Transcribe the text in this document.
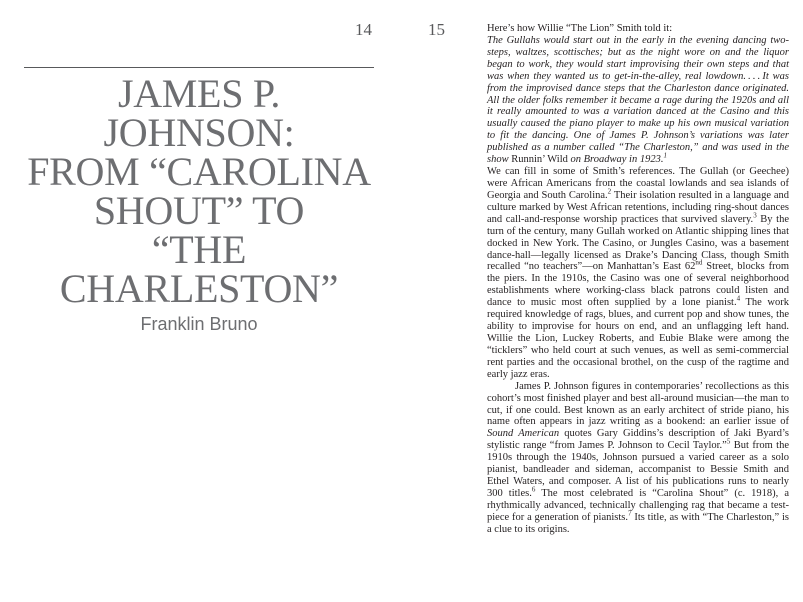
14
JAMES P.
JOHNSON:
FROM “CAROLINA
SHOUT” TO
“THE
CHARLESTON”
Franklin Bruno
15	Here’s how Willie “The Lion” Smith told it:

The Gullahs would start out in the early in the evening dancing two-steps, waltzes, scottisches; but as the night wore on and the liquor began to work, they would start improvising their own steps and that was when they wanted us to get-in-the-alley, real lowdown. . . . It was from the improvised dance steps that the Charleston dance originated. All the older folks remember it became a rage during the 1920s and all it really amounted to was a variation danced at the Casino and this usually caused the piano player to make up his own musical variation to fit the dancing. One of James P. Johnson’s variations was later published as a number called “The Charleston,” and was used in the show Runnin’ Wild on Broadway in 1923.$^1$

We can fill in some of Smith’s references. The Gullah (or Geechee) were African Americans from the coastal lowlands and sea islands of Georgia and South Carolina.$^2$ Their isolation resulted in a language and culture marked by West African retentions, including ring-shout dances and call-and-response worship practices that survived slavery.$^3$ By the turn of the century, many Gullah worked on Atlantic shipping lines that docked in New York. The Casino, or Jungles Casino, was a basement dance-hall—legally licensed as Drake’s Dancing Class, though Smith recalled “no teachers”—on Manhattan’s East 62nd Street, blocks from the piers. In the 1910s, the Casino was one of several neighborhood establishments where working-class black patrons could listen and dance to music most often supplied by a lone pianist.$^4$ The work required knowledge of rags, blues, and current pop and show tunes, the ability to improvise for hours on end, and an unflagging left hand. Willie the Lion, Luckey Roberts, and Eubie Blake were among the “ticklers” who held court at such venues, as well as semi-commercial rent parties and the occasional brothel, on the cusp of the ragtime and early jazz eras.

James P. Johnson figures in contemporaries’ recollections as this cohort’s most finished player and best all-around musician—the man to cut, if one could. Best known as an early architect of stride piano, his name often appears in jazz writing as a bookend: an earlier issue of Sound American quotes Gary Giddins’s description of Jaki Byard’s stylistic range “from James P. Johnson to Cecil Taylor.”$^5$ But from the 1910s through the 1940s, Johnson pursued a varied career as a solo pianist, bandleader and sideman, accompanist to Bessie Smith and Ethel Waters, and composer. A list of his publications runs to nearly 300 titles.$^6$ The most celebrated is “Carolina Shout” (c. 1918), a rhythmically advanced, technically challenging rag that became a test-piece for a generation of pianists.$^7$ Its title, as with “The Charleston,” is a clue to its origins.
